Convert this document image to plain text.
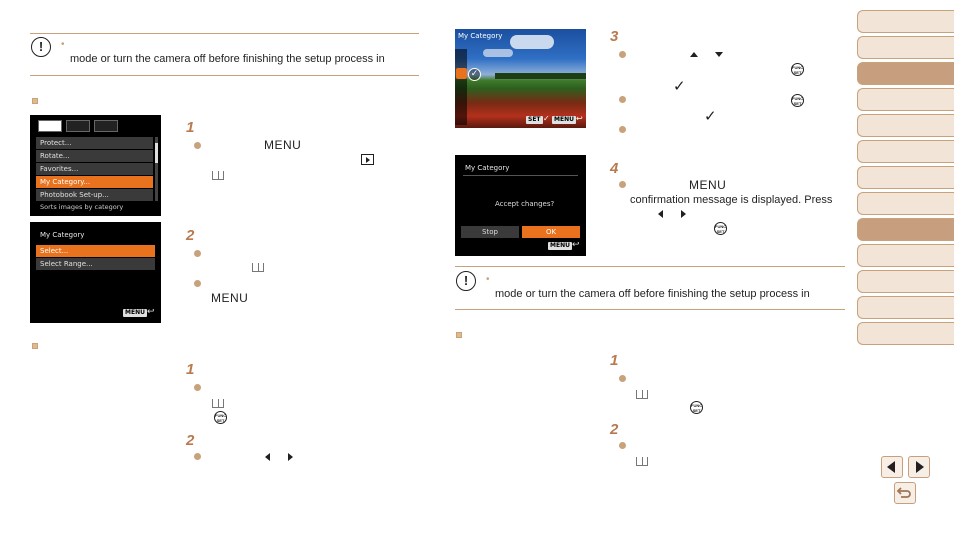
!	•
mode or turn the camera off before finishing the setup process in
Protect...
Rotate...
Favorites...
My Category...
Photobook Set-up...
Sorts images by category
1
MENU
My Category
Select...
Select Range...
MENU ↩
2
MENU
1
FUNC SET
2
My Category
✓
SET ✓ MENU ↩
3
FUNC SET
✓
FUNC SET
✓
My Category
Accept changes?
Stop	OK
MENU ↩
4
MENU
confirmation message is displayed. Press
FUNC SET
!	•
mode or turn the camera off before finishing the setup process in
1
FUNC SET
2
